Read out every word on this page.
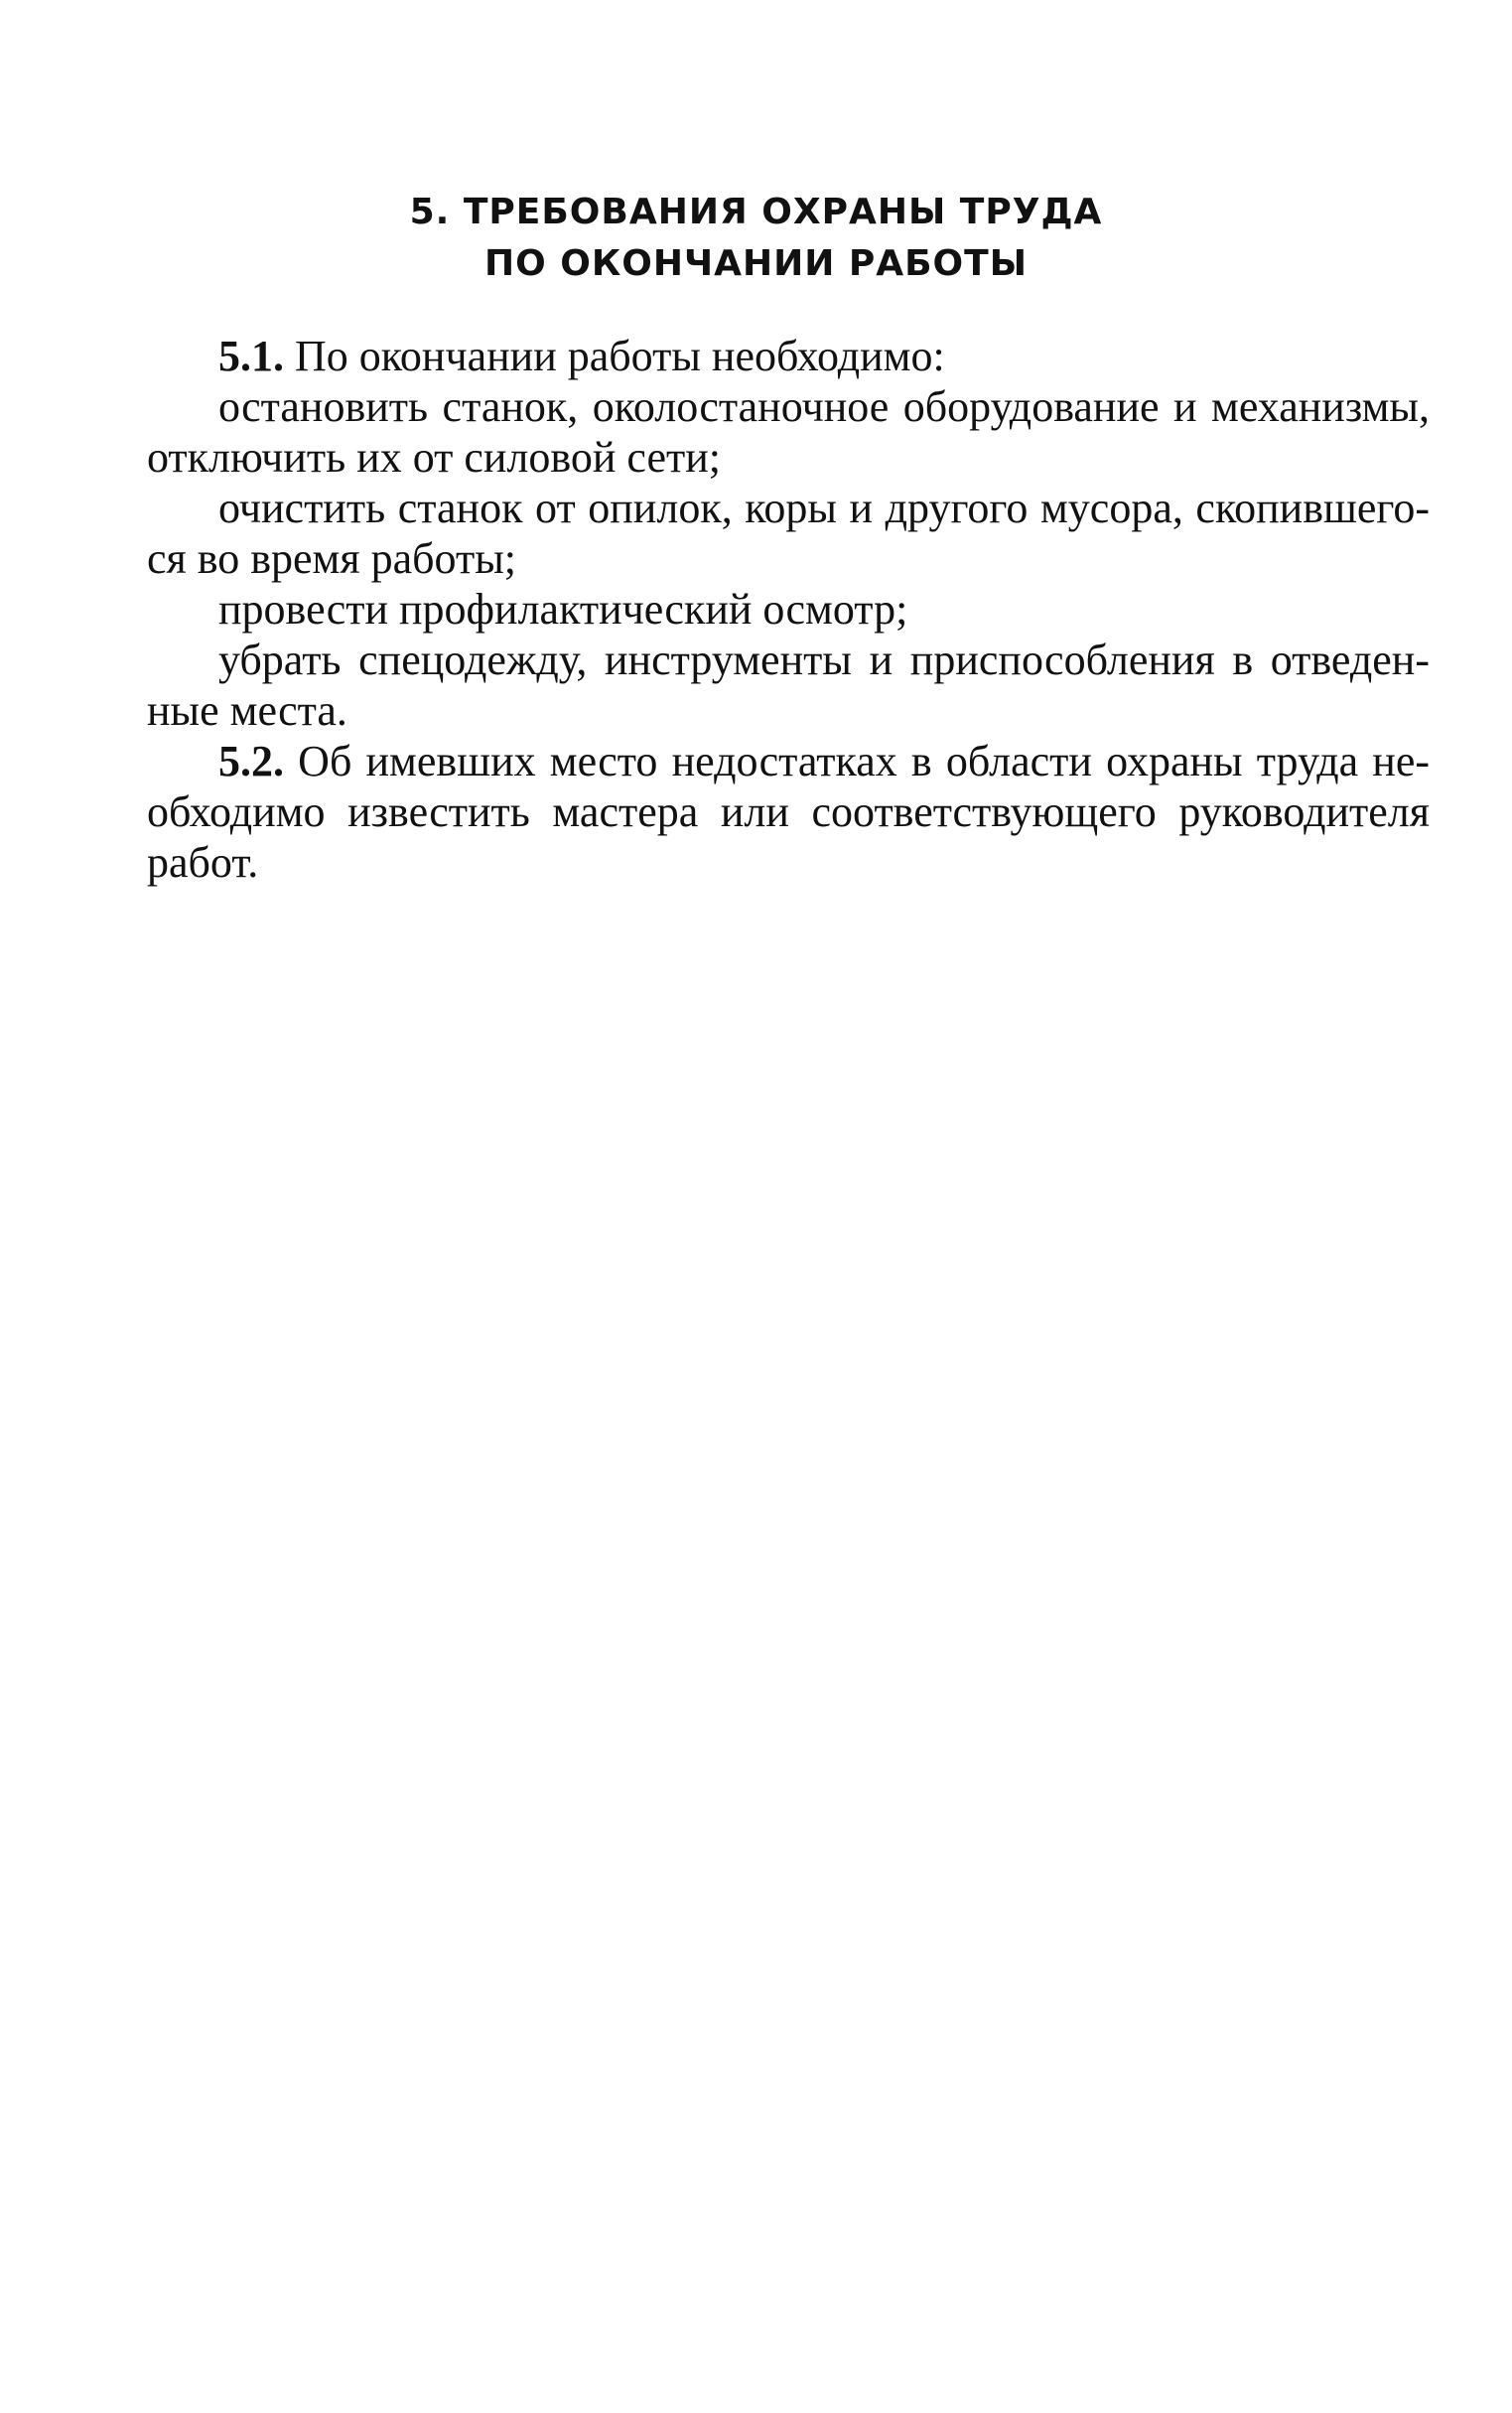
5. ТРЕБОВАНИЯ ОХРАНЫ ТРУДА
ПО ОКОНЧАНИИ РАБОТЫ
5.1. По окончании работы необходимо:
остановить станок, околостаночное оборудование и механизмы,
отключить их от силовой сети;
очистить станок от опилок, коры и другого мусора, скопившего-
ся во время работы;
провести профилактический осмотр;
убрать спецодежду, инструменты и приспособления в отведен-
ные места.
5.2. Об имевших место недостатках в области охраны труда не-
обходимо известить мастера или соответствующего руководителя
работ.
